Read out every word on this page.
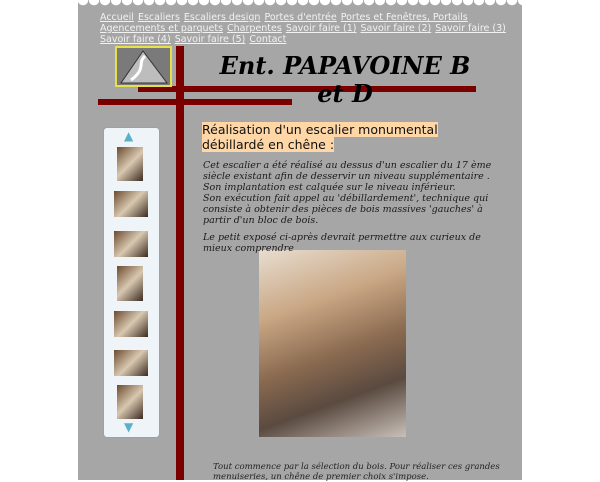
Accueil Escaliers Escaliers design Portes d'entrée Portes et Fenêtres, Portails
Agencements et parquets Charpentes Savoir faire (1) Savoir faire (2) Savoir faire (3)
Savoir faire (4) Savoir faire (5) Contact
Ent. PAPAVOINE B et D
▲
▼
Réalisation d'un escalier monumental débillardé en chêne :

Cet escalier a été réalisé au dessus d'un escalier du 17 ème siècle existant afin de desservir un niveau supplémentaire .
Son implantation est calquée sur le niveau inférieur.
Son exécution fait appel au 'débillardement', technique qui consiste à obtenir des pièces de bois massives 'gauches' à partir d'un bloc de bois.

Le petit exposé ci-après devrait permettre aux curieux de mieux comprendre

Tout commence par la sélection du bois. Pour réaliser ces grandes menuiseries, un chêne de premier choix s'impose.
